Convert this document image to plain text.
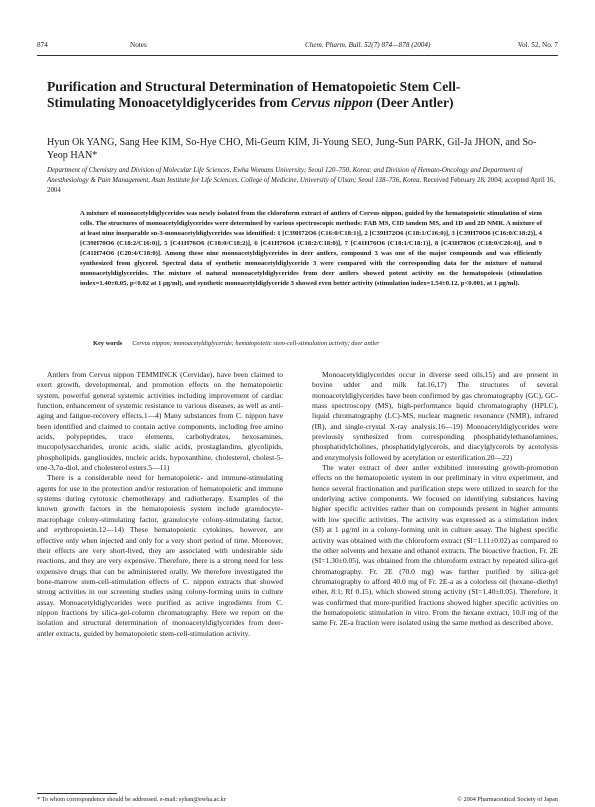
874	Notes	Chem. Pharm. Bull. 52(7) 874—878 (2004)	Vol. 52, No. 7
Purification and Structural Determination of Hematopoietic Stem Cell-Stimulating Monoacetyldiglycerides from Cervus nippon (Deer Antler)
Hyun Ok YANG, Sang Hee KIM, So-Hye CHO, Mi-Geum KIM, Ji-Young SEO, Jung-Sun PARK, Gil-Ja JHON, and So-Yeop HAN*
Department of Chemistry and Division of Molecular Life Sciences, Ewha Womans University; Seoul 120–750, Korea: and Division of Hemato-Oncology and Department of Anesthesiology & Pain Management, Asan Institute for Life Sciences, College of Medicine, University of Ulsan; Seoul 138–736, Korea. Received February 28, 2004; accepted April 16, 2004
A mixture of monoacetyldiglycerides was newly isolated from the chloroform extract of antlers of Cervus nippon, guided by the hematopoietic stimulation of stem cells. The structures of monoacetyldiglycerides were determined by various spectroscopic methods: FAB MS, CID tandem MS, and 1D and 2D NMR. A mixture of at least nine inseparable sn-3-monoacetyldiglycerides was identified: 1 [C39H72O6 (C16:0/C18:1)], 2 [C39H72O6 (C18:1/C16:0)], 3 [C39H70O6 (C16:0/C18:2)], 4 [C39H70O6 (C18:2/C16:0)], 5 [C41H76O6 (C18:0/C18:2)], 6 [C41H76O6 (C18:2/C18:0)], 7 [C41H76O6 (C18:1/C18:1)], 8 [C43H78O6 (C18:0/C20:4)], and 9 [C41H74O6 (C20:4/C18:0)]. Among these nine monoacetyldiglycerides in deer antlers, compound 3 was one of the major compounds and was efficiently synthesized from glycerol. Spectral data of synthetic monoacetyldiglyceride 3 were compared with the corresponding data for the mixture of natural monoacetyldiglycerides. The mixture of natural monoacetyldiglycerides from deer antlers showed potent activity on the hematopoiesis (stimulation index=1.40±0.05, p<0.02 at 1 μg/ml), and synthetic monoacetyldiglyceride 3 showed even better activity (stimulation index=1.54±0.12, p<0.001, at 1 μg/ml).
Key words Cervus nippon; monoacetyldiglyceride; hematopoietic stem-cell-stimulation activity; deer antler

Antlers from Cervus nippon TEMMINCK (Cervidae), have been claimed to exert growth, developmental, and promotion effects on the hematopoietic system, powerful general systemic activities including improvement of cardiac function, enhancement of systemic resistance to various diseases, as well as anti-aging and fatigue-recovery effects.1—4) Many substances from C. nippon have been identified and claimed to contain active components, including free amino acids, polypeptides, trace elements, carbohydrates, hexosamines, mucopolysaccharides, uronic acids, sialic acids, prostaglandins, glycolipids, phospholipids, gangliosides, nucleic acids, hypoxanthine, cholesterol, cholest-5-ene-3,7α-diol, and cholesterol esters.5—11)

There is a considerable need for hematopoietic- and immune-stimulating agents for use in the protection and/or restoration of hematopoietic and immune systems during cytotoxic chemotherapy and radiotherapy. Examples of the known growth factors in the hematopoiesis system include granulocyte-macrophage colony-stimulating factor, granulocyte colony-stimulating factor, and erythropoietin.12—14) These hematopoietic cytokines, however, are effective only when injected and only for a very short period of time. Moreover, their effects are very short-lived, they are associated with undesirable side reactions, and they are very expensive. Therefore, there is a strong need for less expensive drugs that can be administered orally. We therefore investigated the bone-marrow stem-cell-stimulation effects of C. nippon extracts that showed strong activities in our screening studies using colony-forming units in culture assay. Monoacetyldiglycerides were purified as active ingredients from C. nippon fractions by silica-gel-column chromatography. Here we report on the isolation and structural determination of monoacetyldiglycerides from deer-antler extracts, guided by hematopoietic stem-cell-stimulation activity.

Monoacetyldiglycerides occur in diverse seed oils,15) and are present in bovine udder and milk fat.16,17) The structures of several monoacetyldiglycerides have been confirmed by gas chromatography (GC), GC-mass spectroscopy (MS), high-performance liquid chromatography (HPLC), liquid chromatography (LC)-MS, nuclear magnetic resonance (NMR), infrared (IR), and single-crystal X-ray analysis.16—19) Monoacetyldiglycerides were previously synthesized from corresponding phosphatidylethanolamines, phosphatidylcholines, phosphatidylglycerols, and diacylglycerols by acetolysis and enzymolysis followed by acetylation or esterification.20—22)

The water extract of deer antler exhibited interesting growth-promotion effects on the hematopoietic system in our preliminary in vitro experiment, and hence several fractionation and purification steps were utilized to search for the underlying active components. We focused on identifying substances having higher specific activities rather than on compounds present in higher amounts with low specific activities. The activity was expressed as a stimulation index (SI) at 1 μg/ml in a colony-forming unit in culture assay. The highest specific activity was obtained with the chloroform extract (SI=1.11±0.02) as compared to the other solvents and hexane and ethanol extracts. The bioactive fraction, Fr. 2E (SI=1.30±0.05), was obtained from the chloroform extract by repeated silica-gel chromatography. Fr. 2E (70.0 mg) was further purified by silica-gel chromatography to afford 40.0 mg of Fr. 2E-a as a colorless oil (hexane–diethyl ether, 8:1; Rf 0.15), which showed strong activity (SI=1.40±0.05). Therefore, it was confirmed that more-purified fractions showed higher specific activities on the hematopoietic stimulation in vitro. From the hexane extract, 10.0 mg of the same Fr. 2E-a fraction were isolated using the same method as described above.

* To whom correspondence should be addressed. e-mail: syhan@ewha.ac.kr	© 2004 Pharmaceutical Society of Japan
